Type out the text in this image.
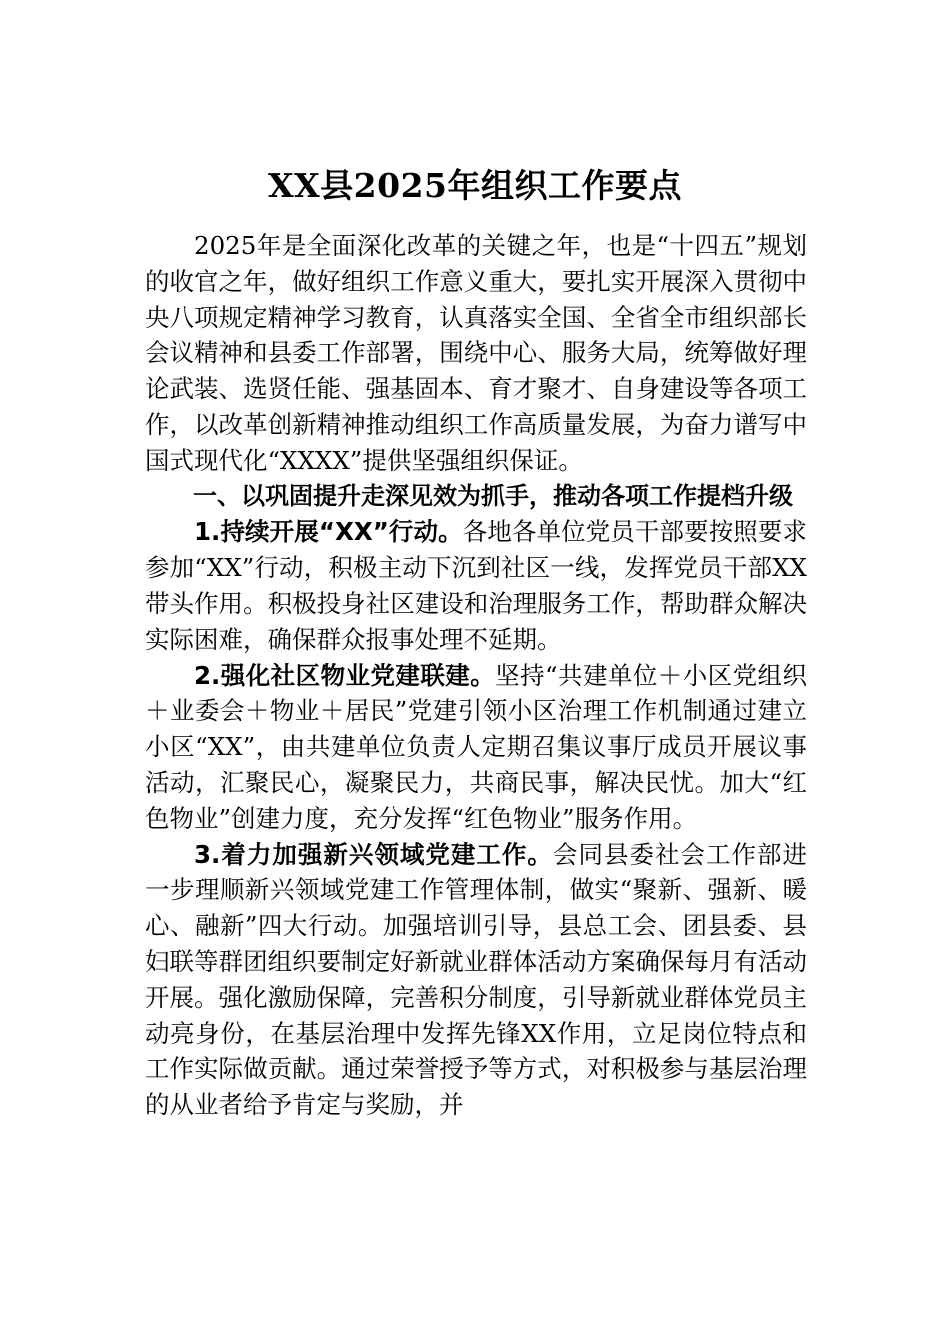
XX县2025年组织工作要点

2025年是全面深化改革的关键之年，也是“十四五”规划的收官之年，做好组织工作意义重大，要扎实开展深入贯彻中央八项规定精神学习教育，认真落实全国、全省全市组织部长会议精神和县委工作部署，围绕中心、服务大局，统筹做好理论武装、选贤任能、强基固本、育才聚才、自身建设等各项工作，以改革创新精神推动组织工作高质量发展，为奋力谱写中国式现代化“XXXX”提供坚强组织保证。

一、以巩固提升走深见效为抓手，推动各项工作提档升级

1.持续开展“XX”行动。各地各单位党员干部要按照要求参加“XX”行动，积极主动下沉到社区一线，发挥党员干部XX带头作用。积极投身社区建设和治理服务工作，帮助群众解决实际困难，确保群众报事处理不延期。

2.强化社区物业党建联建。坚持“共建单位＋小区党组织＋业委会＋物业＋居民”党建引领小区治理工作机制通过建立小区“XX”，由共建单位负责人定期召集议事厅成员开展议事活动，汇聚民心，凝聚民力，共商民事，解决民忧。加大“红色物业”创建力度，充分发挥“红色物业”服务作用。

3.着力加强新兴领域党建工作。会同县委社会工作部进一步理顺新兴领域党建工作管理体制，做实“聚新、强新、暖心、融新”四大行动。加强培训引导，县总工会、团县委、县妇联等群团组织要制定好新就业群体活动方案确保每月有活动开展。强化激励保障，完善积分制度，引导新就业群体党员主动亮身份，在基层治理中发挥先锋XX作用，立足岗位特点和工作实际做贡献。通过荣誉授予等方式，对积极参与基层治理的从业者给予肯定与奖励，并
